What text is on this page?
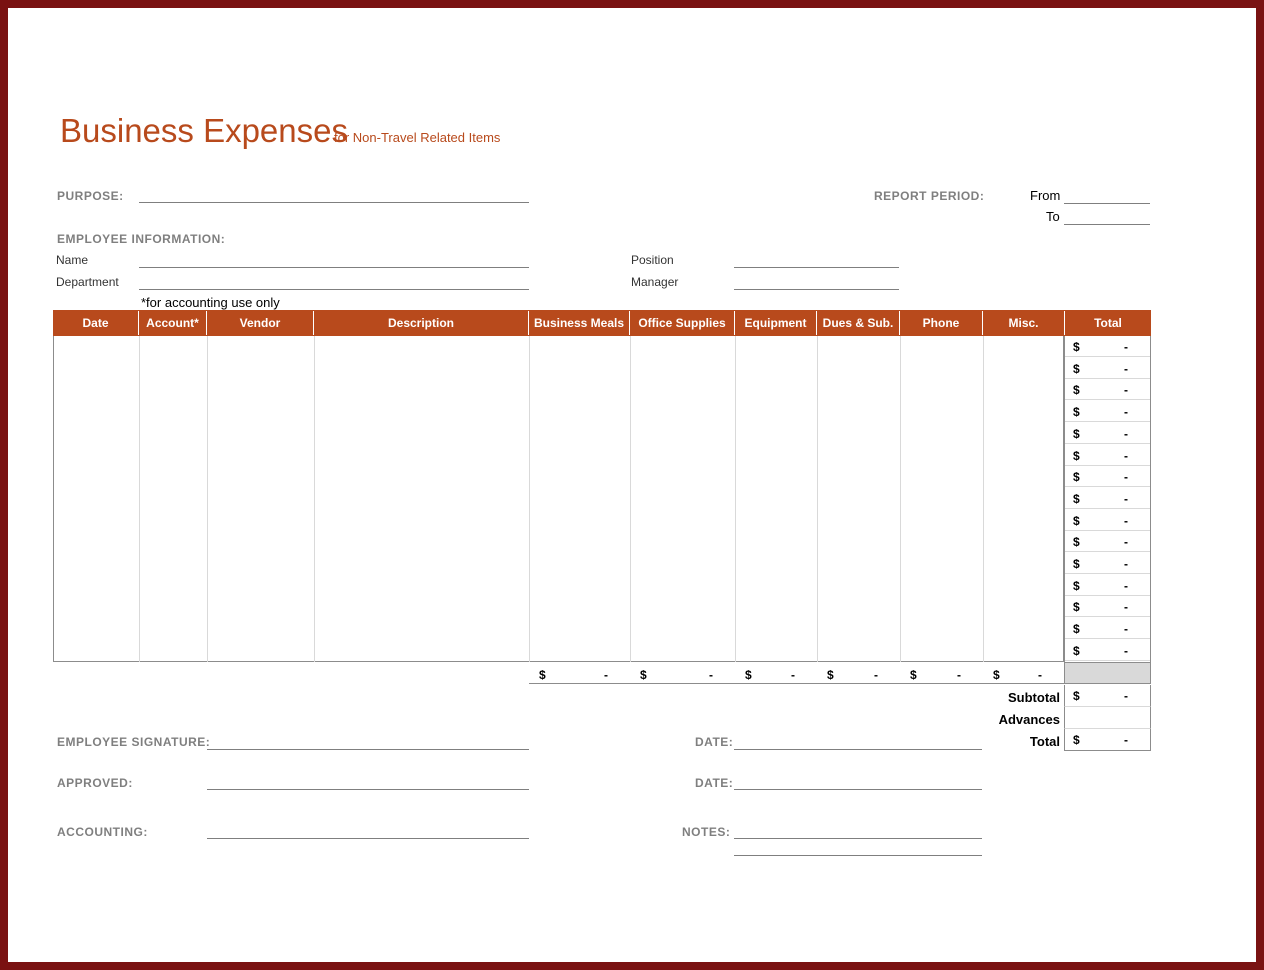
Business Expenses
for Non-Travel Related Items
PURPOSE:	REPORT PERIOD:	From
To
EMPLOYEE INFORMATION:
Name
Department
Position
Manager
*for accounting use only
Date	Account*	Vendor	Description	Business Meals	Office Supplies	Equipment	Dues & Sub.	Phone	Misc.	Total
$	-
$	-
$	-
$	-
$	-
$	-
$	-
$	-
$	-
$	-
$	-
$	-
$	-
$	-
$	-
$	-	$	-	$	-	$	-	$	-	$	-
Subtotal $	-
Advances
Total $	-
EMPLOYEE SIGNATURE:	DATE:
APPROVED:	DATE:
ACCOUNTING:	NOTES:
